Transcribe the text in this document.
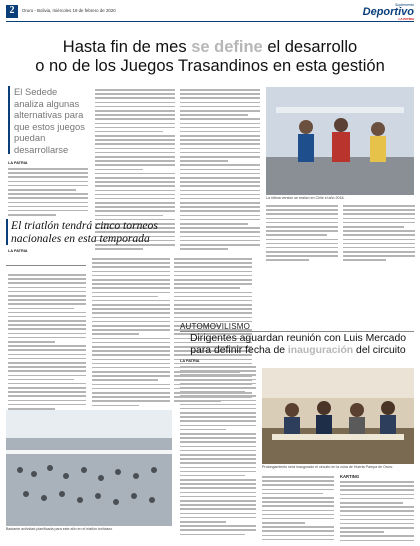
2	Oruro - Bolivia, miércoles 19 de febrero de 2020
Suplemento
Deportivo
LA PATRIA
Hasta fin de mes se define el desarrollo
o no de los Juegos Trasandinos en esta gestión
El Sedede analiza algunas alternativas para que estos juegos puedan desarrollarse
LA PATRIA
La última versión se realizó en Chile el año 2018.
El triatlón tendrá cinco torneos nacionales en esta temporada
LA PATRIA
Bastante actividad planificada para este año en el triatlón boliviano
AUTOMOVILISMO
Dirigentes aguardan reunión con Luis Mercado
para definir fecha de inauguración del circuito
LA PATRIA
Prolongamiento será inaugurado el circuito en la zona de Huerta Pampa de Oruro.
KARTING
